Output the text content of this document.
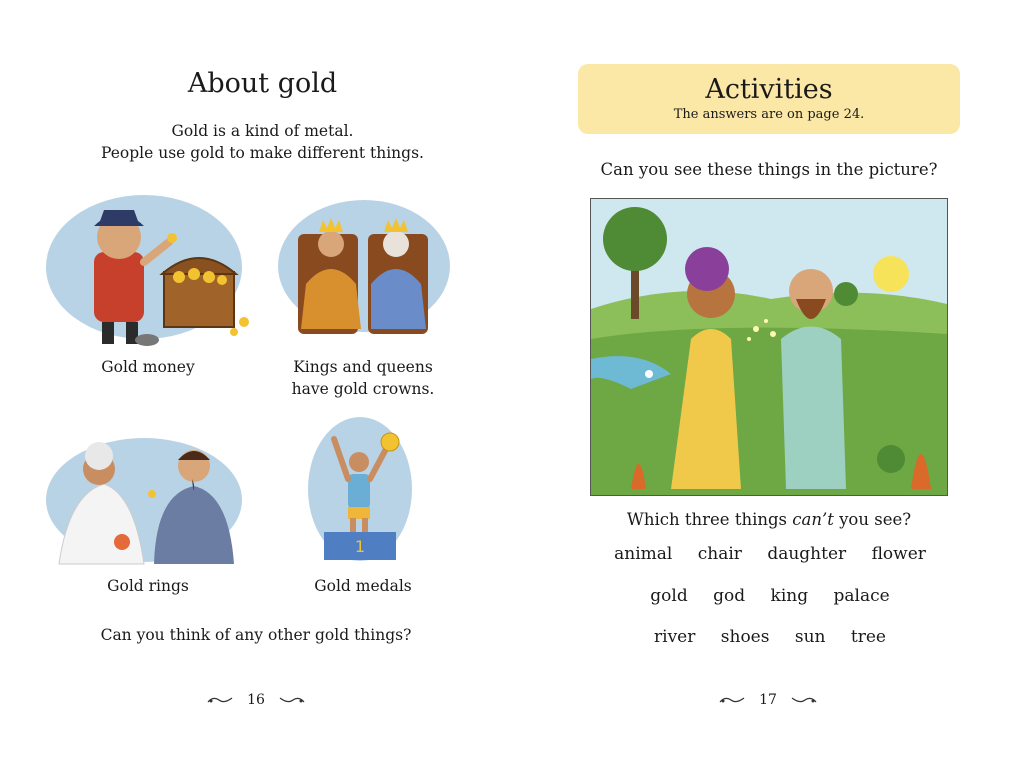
About gold
Gold is a kind of metal.
People use gold to make different things.
Gold money	Kings and queens
have gold crowns.
1
Gold rings	Gold medals
Can you think of any other gold things?
16
Activities
The answers are on page 24.
Can you see these things in the picture?
Which three things can’t you see?
animal chair daughter flower
gold god king palace
river shoes sun tree
17
